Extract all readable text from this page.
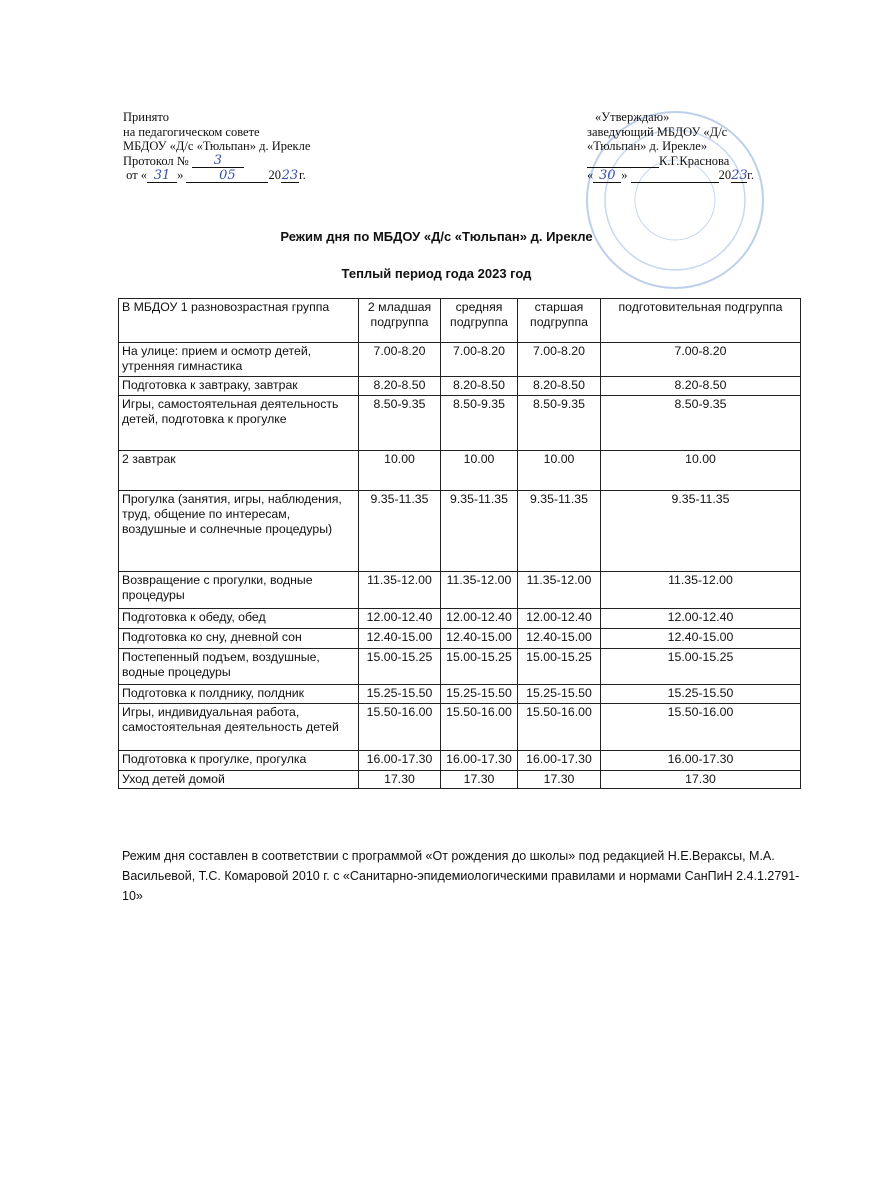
Принято
на педагогическом совете
МБДОУ «Д/с «Тюльпан» д. Ирекле
Протокол № 3
от « 31 »	05	2023г.
«Утверждаю»
заведующий МБДОУ «Д/с
«Тюльпан» д. Ирекле»
К.Г.Краснова
« 30 »	2023г.
Режим дня по МБДОУ «Д/с «Тюльпан» д. Ирекле
Теплый период года 2023 год
В МБДОУ 1 разновозрастная группа	2 младшая подгруппа	средняя подгруппа	старшая подгруппа	подготовительная подгруппа
На улице: прием и осмотр детей, утренняя гимнастика	7.00-8.20	7.00-8.20	7.00-8.20	7.00-8.20
Подготовка к завтраку, завтрак	8.20-8.50	8.20-8.50	8.20-8.50	8.20-8.50
Игры, самостоятельная деятельность детей, подготовка к прогулке	8.50-9.35	8.50-9.35	8.50-9.35	8.50-9.35
2 завтрак	10.00	10.00	10.00	10.00
Прогулка (занятия, игры, наблюдения, труд, общение по интересам, воздушные и солнечные процедуры)	9.35-11.35	9.35-11.35	9.35-11.35	9.35-11.35
Возвращение с прогулки, водные процедуры	11.35-12.00	11.35-12.00	11.35-12.00	11.35-12.00
Подготовка к обеду, обед	12.00-12.40	12.00-12.40	12.00-12.40	12.00-12.40
Подготовка ко сну, дневной сон	12.40-15.00	12.40-15.00	12.40-15.00	12.40-15.00
Постепенный подъем, воздушные, водные процедуры	15.00-15.25	15.00-15.25	15.00-15.25	15.00-15.25
Подготовка к полднику, полдник	15.25-15.50	15.25-15.50	15.25-15.50	15.25-15.50
Игры, индивидуальная работа, самостоятельная деятельность детей	15.50-16.00	15.50-16.00	15.50-16.00	15.50-16.00
Подготовка к прогулке, прогулка	16.00-17.30	16.00-17.30	16.00-17.30	16.00-17.30
Уход детей домой	17.30	17.30	17.30	17.30
Режим дня составлен в соответствии с программой «От рождения до школы» под редакцией Н.Е.Вераксы, М.А. Васильевой, Т.С. Комаровой 2010 г. с «Санитарно-эпидемиологическими правилами и нормами СанПиН 2.4.1.2791-10»
